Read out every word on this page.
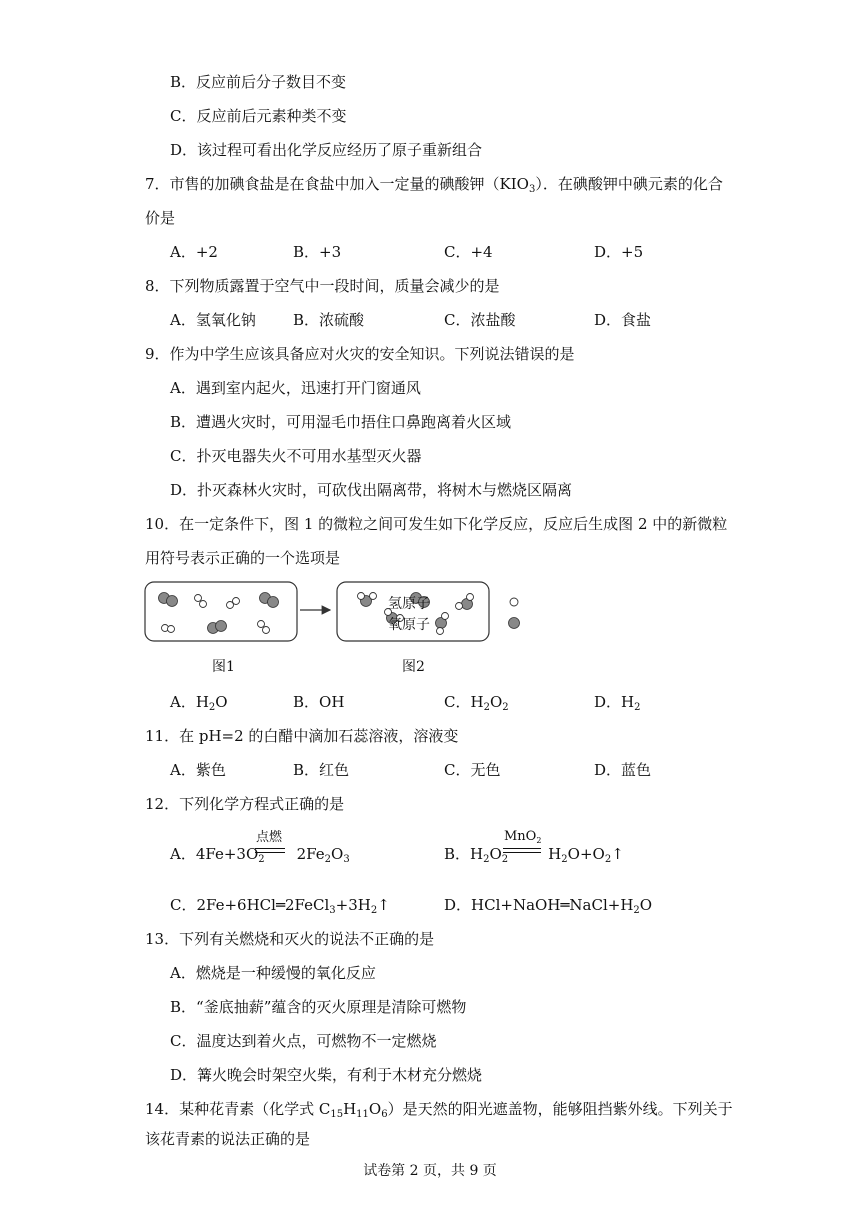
B．反应前后分子数目不变
C．反应前后元素种类不变
D．该过程可看出化学反应经历了原子重新组合
7．市售的加碘食盐是在食盐中加入一定量的碘酸钾$(KIO_3)$．在碘酸钾中碘元素的化合
价是
A．+2	B．+3	C．+4	D．+5
8．下列物质露置于空气中一段时间，质量会减少的是
A．氢氧化钠 B．浓硫酸	C．浓盐酸	D．食盐
9．作为中学生应该具备应对火灾的安全知识。下列说法错误的是
A．遇到室内起火，迅速打开门窗通风
B．遭遇火灾时，可用湿毛巾捂住口鼻跑离着火区域
C．扑灭电器失火不可用水基型灭火器
D．扑灭森林火灾时，可砍伐出隔离带，将树木与燃烧区隔离
10．在一定条件下，图 1 的微粒之间可发生如下化学反应，反应后生成图 2 中的新微粒
用符号表示正确的一个选项是
氢原子
氧原子
图1	图2
A．$H_2O$	B．OH	C．$H_2O_2$	D．$H_2$
11．在 pH=2 的白醋中滴加石蕊溶液，溶液变
A．紫色	B．红色	C．无色	D．蓝色
12．下列化学方程式正确的是
A．$4Fe+3O_2$ $2Fe_2O_3$
点燃
B．$H_2O_2$	$H_2O+O_2↑$
MnO$_2$
C．$2Fe+6HCl═2FeCl_3+3H_2↑$	D．$HCl+NaOH═NaCl+H_2O$
13．下列有关燃烧和灭火的说法不正确的是
A．燃烧是一种缓慢的氧化反应
B．“釜底抽薪”蕴含的灭火原理是清除可燃物
C．温度达到着火点，可燃物不一定燃烧
D．篝火晚会时架空火柴，有利于木材充分燃烧
14．某种花青素（化学式 $C_{15}H_{11}O_6$）是天然的阳光遮盖物，能够阻挡紫外线。下列关于
该花青素的说法正确的是
试卷第 2 页，共 9 页
